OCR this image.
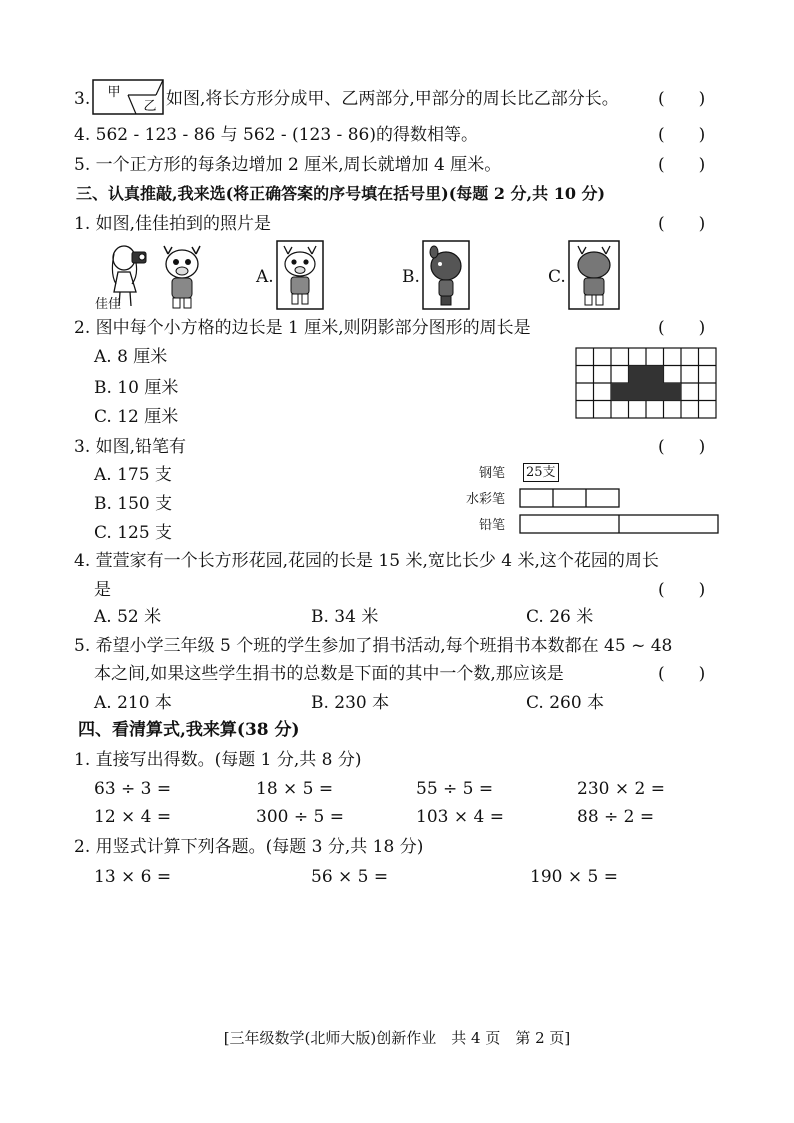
3. 甲
乙 如图,将长方形分成甲、乙两部分,甲部分的周长比乙部分长。 (　　)
4. 562 - 123 - 86 与 562 - (123 - 86)的得数相等。	(　　)
5. 一个正方形的每条边增加 2 厘米,周长就增加 4 厘米。	(　　)
三、认真推敲,我来选(将正确答案的序号填在括号里)(每题 2 分,共 10 分)
1. 如图,佳佳拍到的照片是	(　　)
佳佳
A.	B.	C.
2. 图中每个小方格的边长是 1 厘米,则阴影部分图形的周长是	(　　)
A. 8 厘米
B. 10 厘米
C. 12 厘米
3. 如图,铅笔有	(　　)
A. 175 支
B. 150 支
C. 125 支
钢笔 25支
水彩笔
铅笔
4. 萱萱家有一个长方形花园,花园的长是 15 米,宽比长少 4 米,这个花园的周长
是	(　　)
A. 52 米	B. 34 米	C. 26 米
5. 希望小学三年级 5 个班的学生参加了捐书活动,每个班捐书本数都在 45 ~ 48
本之间,如果这些学生捐书的总数是下面的其中一个数,那应该是	(　　)
A. 210 本	B. 230 本	C. 260 本
四、看清算式,我来算(38 分)
1. 直接写出得数。(每题 1 分,共 8 分)
63 ÷ 3 =	18 × 5 =	55 ÷ 5 =	230 × 2 =
12 × 4 =	300 ÷ 5 =	103 × 4 =	88 ÷ 2 =
2. 用竖式计算下列各题。(每题 3 分,共 18 分)
13 × 6 =	56 × 5 =	190 × 5 =
[三年级数学(北师大版)创新作业　共 4 页　第 2 页]
